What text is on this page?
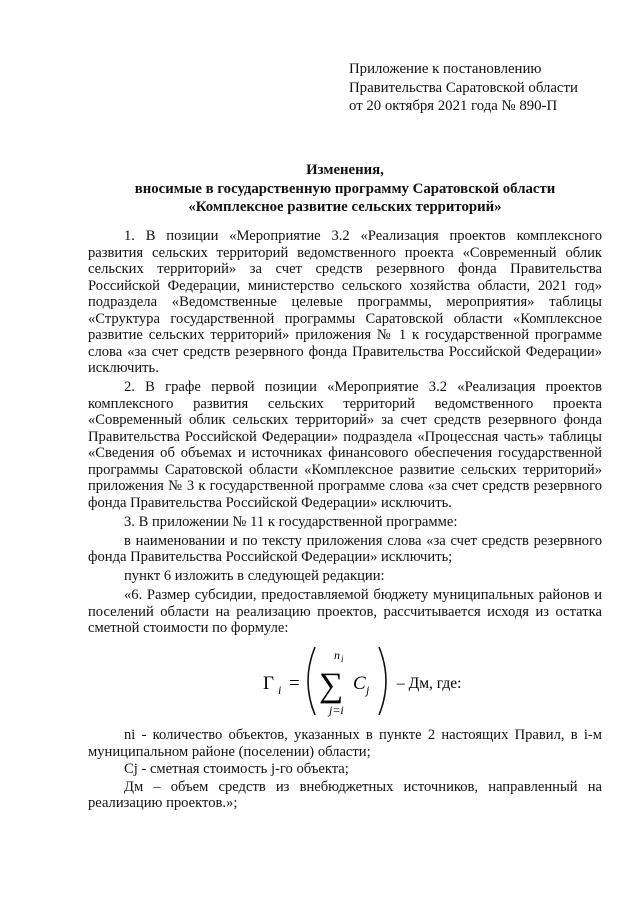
Приложение к постановлению
Правительства Саратовской области
от 20 октября 2021 года № 890-П
Изменения,
вносимые в государственную программу Саратовской области
«Комплексное развитие сельских территорий»

1. В позиции «Мероприятие 3.2 «Реализация проектов комплексного развития сельских территорий ведомственного проекта «Современный облик сельских территорий» за счет средств резервного фонда Правительства Российской Федерации, министерство сельского хозяйства области, 2021 год» подраздела «Ведомственные целевые программы, мероприятия» таблицы «Структура государственной программы Саратовской области «Комплексное развитие сельских территорий» приложения № 1 к государственной программе слова «за счет средств резервного фонда Правительства Российской Федерации» исключить.

2. В графе первой позиции «Мероприятие 3.2 «Реализация проектов комплексного развития сельских территорий ведомственного проекта «Современный облик сельских территорий» за счет средств резервного фонда Правительства Российской Федерации» подраздела «Процессная часть» таблицы «Сведения об объемах и источниках финансового обеспечения государственной программы Саратовской области «Комплексное развитие сельских территорий» приложения № 3 к государственной программе слова «за счет средств резервного фонда Правительства Российской Федерации» исключить.

3. В приложении № 11 к государственной программе:

в наименовании и по тексту приложения слова «за счет средств резервного фонда Правительства Российской Федерации» исключить;

пункт 6 изложить в следующей редакции:

«6. Размер субсидии, предоставляемой бюджету муниципальных районов и поселений области на реализацию проектов, рассчитывается исходя из остатка сметной стоимости по формуле:

Г i =
n i
∑
j=i
C j – Дм, где:

ni - количество объектов, указанных в пункте 2 настоящих Правил, в i-м муниципальном районе (поселении) области;

Cj - сметная стоимость j-го объекта;

Дм – объем средств из внебюджетных источников, направленный на реализацию проектов.»;
